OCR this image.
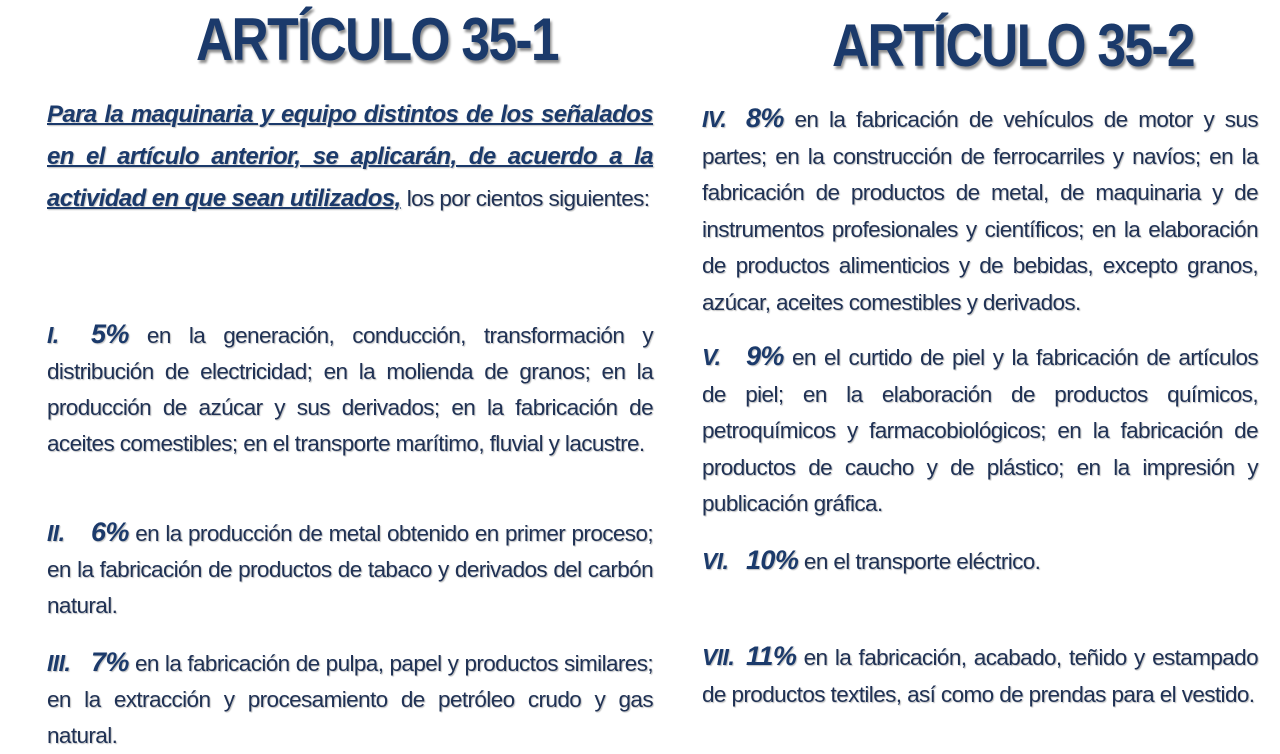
ARTÍCULO 35-1	ARTÍCULO 35-2

Para la maquinaria y equipo distintos de los señalados en el artículo anterior, se aplicarán, de acuerdo a la actividad en que sean utilizados, los por cientos siguientes:

I. 5% en la generación, conducción, transformación y distribución de electricidad; en la molienda de granos; en la producción de azúcar y sus derivados; en la fabricación de aceites comestibles; en el transporte marítimo, fluvial y lacustre.

II. 6% en la producción de metal obtenido en primer proceso; en la fabricación de productos de tabaco y derivados del carbón natural.

III. 7% en la fabricación de pulpa, papel y productos similares; en la extracción y procesamiento de petróleo crudo y gas natural.

IV. 8% en la fabricación de vehículos de motor y sus partes; en la construcción de ferrocarriles y navíos; en la fabricación de productos de metal, de maquinaria y de instrumentos profesionales y científicos; en la elaboración de productos alimenticios y de bebidas, excepto granos, azúcar, aceites comestibles y derivados.

V. 9% en el curtido de piel y la fabricación de artículos de piel; en la elaboración de productos químicos, petroquímicos y farmacobiológicos; en la fabricación de productos de caucho y de plástico; en la impresión y publicación gráfica.

VI. 10% en el transporte eléctrico.

VII. 11% en la fabricación, acabado, teñido y estampado de productos textiles, así como de prendas para el vestido.
